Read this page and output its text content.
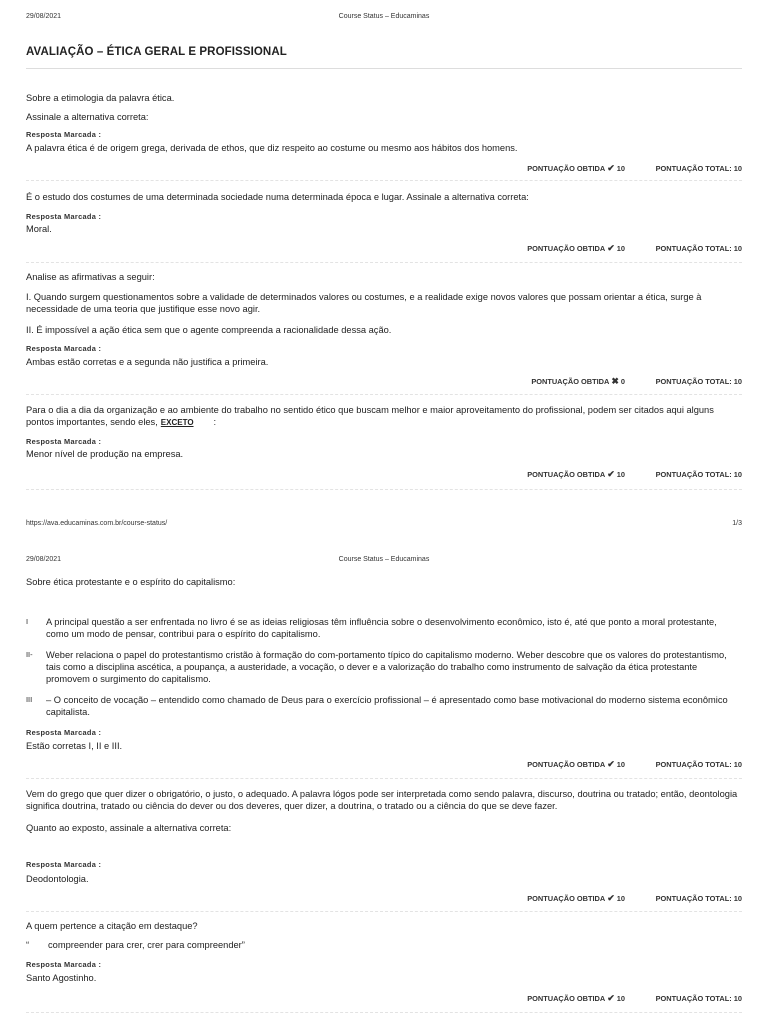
29/08/2021	Course Status – Educaminas
AVALIAÇÃO – ÉTICA GERAL E PROFISSIONAL
Sobre a etimologia da palavra ética.
Assinale a alternativa correta:
Resposta Marcada :
A palavra ética é de origem grega, derivada de ethos, que diz respeito ao costume ou mesmo aos hábitos dos homens.
PONTUAÇÃO OBTIDA ✔ 10	PONTUAÇÃO TOTAL: 10
É o estudo dos costumes de uma determinada sociedade numa determinada época e lugar. Assinale a alternativa correta:
Resposta Marcada :
Moral.
PONTUAÇÃO OBTIDA ✔ 10	PONTUAÇÃO TOTAL: 10
Analise as afirmativas a seguir:
I. Quando surgem questionamentos sobre a validade de determinados valores ou costumes, e a realidade exige novos valores que possam orientar a ética, surge à necessidade de uma teoria que justifique esse novo agir.
II. É impossível a ação ética sem que o agente compreenda a racionalidade dessa ação.
Resposta Marcada :
Ambas estão corretas e a segunda não justifica a primeira.
PONTUAÇÃO OBTIDA ✖ 0	PONTUAÇÃO TOTAL: 10
Para o dia a dia da organização e ao ambiente do trabalho no sentido ético que buscam melhor e maior aproveitamento do profissional, podem ser citados aqui alguns pontos importantes, sendo eles, EXCETO :
Resposta Marcada :
Menor nível de produção na empresa.
PONTUAÇÃO OBTIDA ✔ 10	PONTUAÇÃO TOTAL: 10
https://ava.educaminas.com.br/course-status/	1/3
29/08/2021	Course Status – Educaminas
Sobre ética protestante e o espírito do capitalismo:
I	A principal questão a ser enfrentada no livro é se as ideias religiosas têm influência sobre o desenvolvimento econômico, isto é, até que ponto a moral protestante, como um modo de pensar, contribui para o espírito do capitalismo.
II-	Weber relaciona o papel do protestantismo cristão à formação do com-portamento típico do capitalismo moderno. Weber descobre que os valores do protestantismo, tais como a disciplina ascética, a poupança, a austeridade, a vocação, o dever e a valorização do trabalho como instrumento de salvação da ética protestante promovem o surgimento do capitalismo.
III	– O conceito de vocação – entendido como chamado de Deus para o exercício profissional – é apresentado como base motivacional do moderno sistema econômico capitalista.
Resposta Marcada :
Estão corretas I, II e III.
PONTUAÇÃO OBTIDA ✔ 10	PONTUAÇÃO TOTAL: 10
Vem do grego que quer dizer o obrigatório, o justo, o adequado. A palavra lógos pode ser interpretada como sendo palavra, discurso, doutrina ou tratado; então, deontologia significa doutrina, tratado ou ciência do dever ou dos deveres, quer dizer, a doutrina, o tratado ou a ciência do que se deve fazer.
Quanto ao exposto, assinale a alternativa correta:
Resposta Marcada :
Deodontologia.
PONTUAÇÃO OBTIDA ✔ 10	PONTUAÇÃO TOTAL: 10
A quem pertence a citação em destaque?
“	compreender para crer, crer para compreender”
Resposta Marcada :
Santo Agostinho.
PONTUAÇÃO OBTIDA ✔ 10	PONTUAÇÃO TOTAL: 10
